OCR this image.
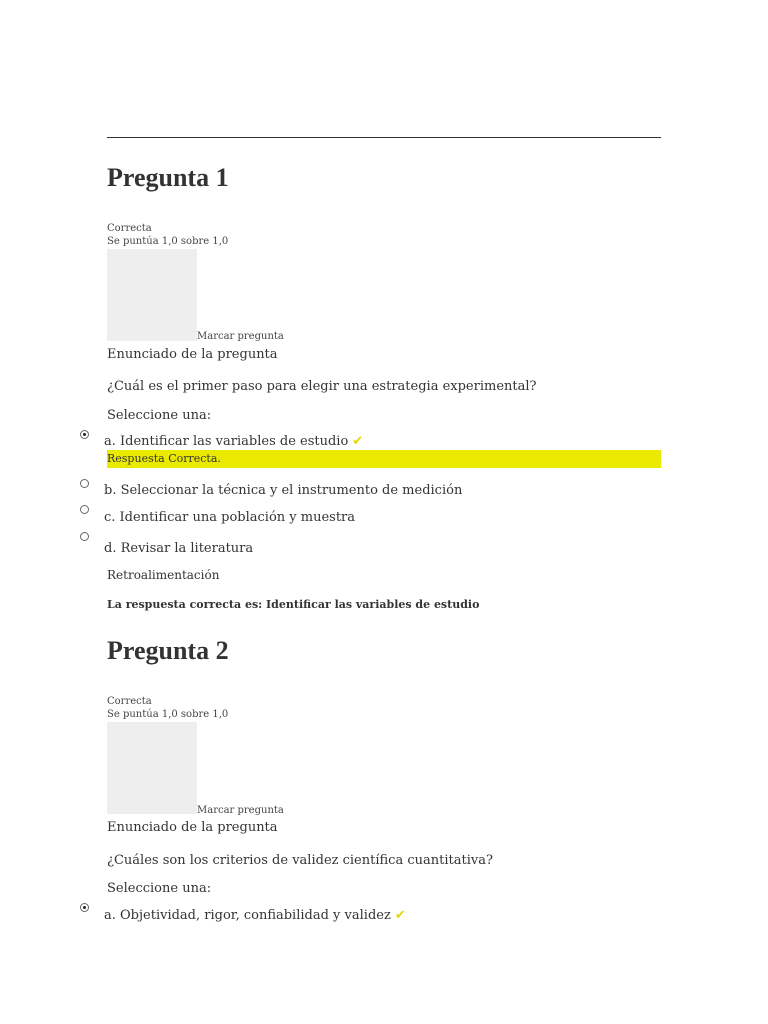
Pregunta 1
Correcta
Se puntúa 1,0 sobre 1,0
Marcar pregunta
Enunciado de la pregunta
¿Cuál es el primer paso para elegir una estrategia experimental?
Seleccione una:
a. Identificar las variables de estudio ✔
Respuesta Correcta.
b. Seleccionar la técnica y el instrumento de medición
c. Identificar una población y muestra
d. Revisar la literatura
Retroalimentación
La respuesta correcta es: Identificar las variables de estudio
Pregunta 2
Correcta
Se puntúa 1,0 sobre 1,0
Marcar pregunta
Enunciado de la pregunta
¿Cuáles son los criterios de validez científica cuantitativa?
Seleccione una:
a. Objetividad, rigor, confiabilidad y validez ✔
